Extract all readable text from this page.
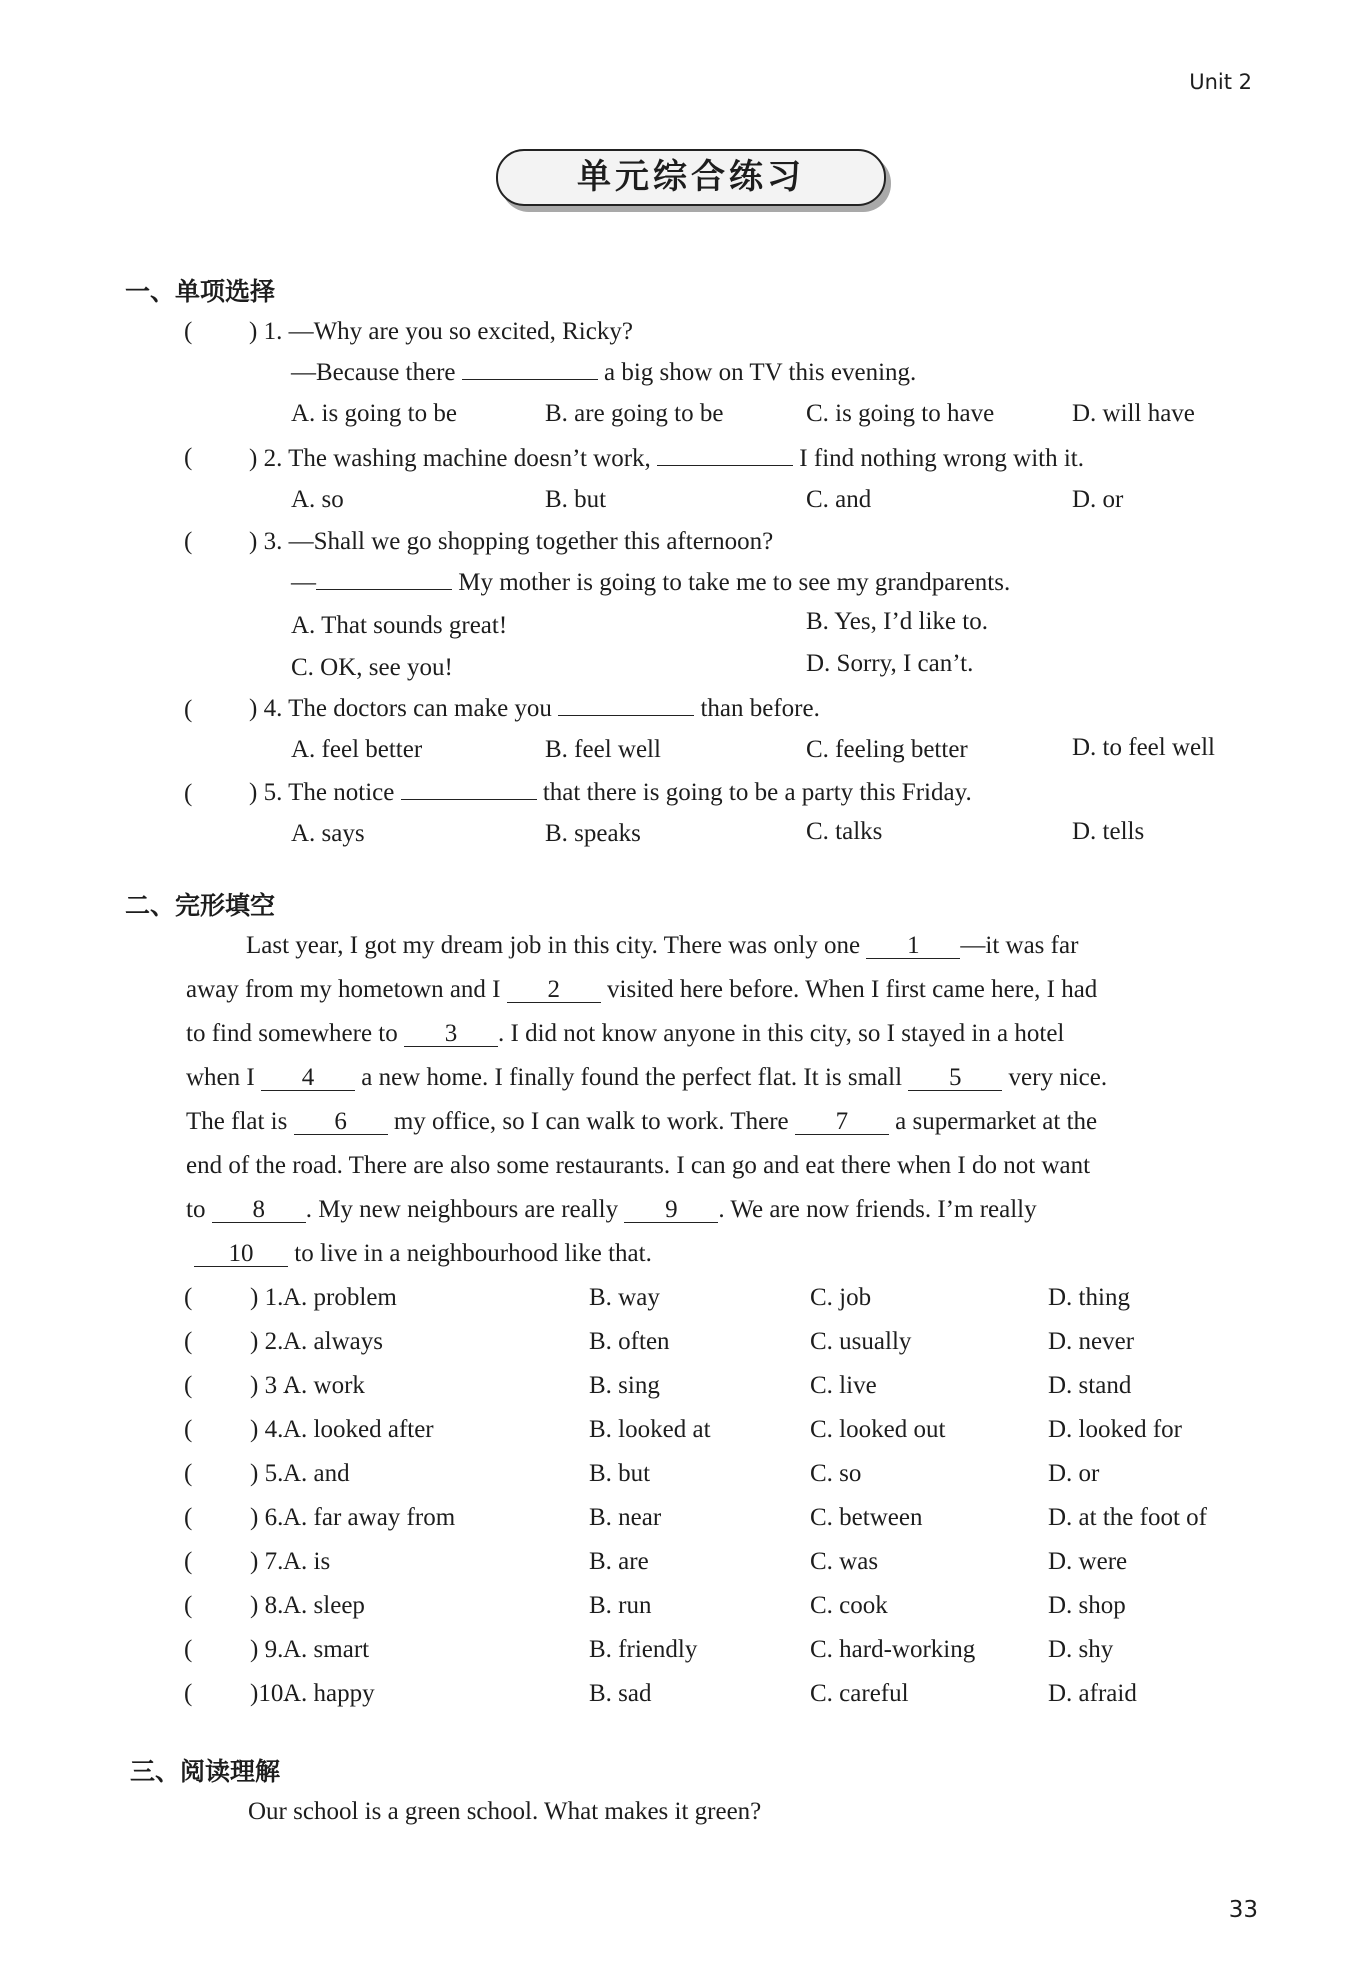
Unit 2
单元综合练习
一、单项选择
( ) 1. —Why are you so excited, Ricky?
—Because there	a big show on TV this evening.
A. is going to be	B. are going to be	C. is going to have	D. will have
( ) 2. The washing machine doesn’t work,	I find nothing wrong with it.
A. so	B. but	C. and	D. or
( ) 3. —Shall we go shopping together this afternoon?
—	My mother is going to take me to see my grandparents.
A. That sounds great!	B. Yes, I’d like to.
C. OK, see you!	D. Sorry, I can’t.
( ) 4. The doctors can make you	than before.
A. feel better	B. feel well	C. feeling better	D. to feel well
( ) 5. The notice	that there is going to be a party this Friday.
A. says	B. speaks	C. talks	D. tells
二、完形填空
Last year, I got my dream job in this city. There was only one 1 —it was far
away from my hometown and I 2 visited here before. When I first came here, I had
to find somewhere to 3 . I did not know anyone in this city, so I stayed in a hotel
when I 4 a new home. I finally found the perfect flat. It is small 5 very nice.
The flat is 6 my office, so I can walk to work. There 7 a supermarket at the
end of the road. There are also some restaurants. I can go and eat there when I do not want
to 8 . My new neighbours are really 9 . We are now friends. I’m really
10 to live in a neighbourhood like that.
( ) 1. A. problem	B. way	C. job	D. thing
( ) 2. A. always	B. often	C. usually	D. never
( ) 3 .
A. work	B. sing	C. live	D. stand
( ) 4. A. looked after	B. looked at	C. looked out	D. looked for
( ) 5. A. and	B. but	C. so	D. or
( ) 6. A. far away from	B. near	C. between	D. at the foot of
( ) 7. A. is	B. are	C. was	D. were
( ) 8. A. sleep	B. run	C. cook	D. shop
( ) 9. A. smart	B. friendly	C. hard-working	D. shy
( )10.
A. happy	B. sad	C. careful	D. afraid
三、阅读理解
Our school is a green school. What makes it green?
33
